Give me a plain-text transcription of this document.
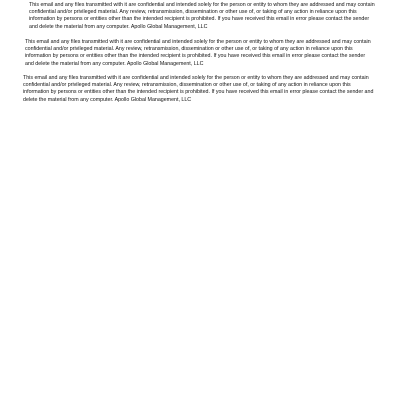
This email and any files transmitted with it are confidential and intended solely for the person or entity to whom they are addressed and may contain confidential and/or privileged material. Any review, retransmission, dissemination or other use of, or taking of any action in reliance upon this information by persons or entities other than the intended recipient is prohibited. If you have received this email in error please contact the sender and delete the material from any computer. Apollo Global Management, LLC

This email and any files transmitted with it are confidential and intended solely for the person or entity to whom they are addressed and may contain confidential and/or privileged material. Any review, retransmission, dissemination or other use of, or taking of any action in reliance upon this information by persons or entities other than the intended recipient is prohibited. If you have received this email in error please contact the sender and delete the material from any computer. Apollo Global Management, LLC

This email and any files transmitted with it are confidential and intended solely for the person or entity to whom they are addressed and may contain confidential and/or privileged material. Any review, retransmission, dissemination or other use of, or taking of any action in reliance upon this information by persons or entities other than the intended recipient is prohibited. If you have received this email in error please contact the sender and delete the material from any computer. Apollo Global Management, LLC
